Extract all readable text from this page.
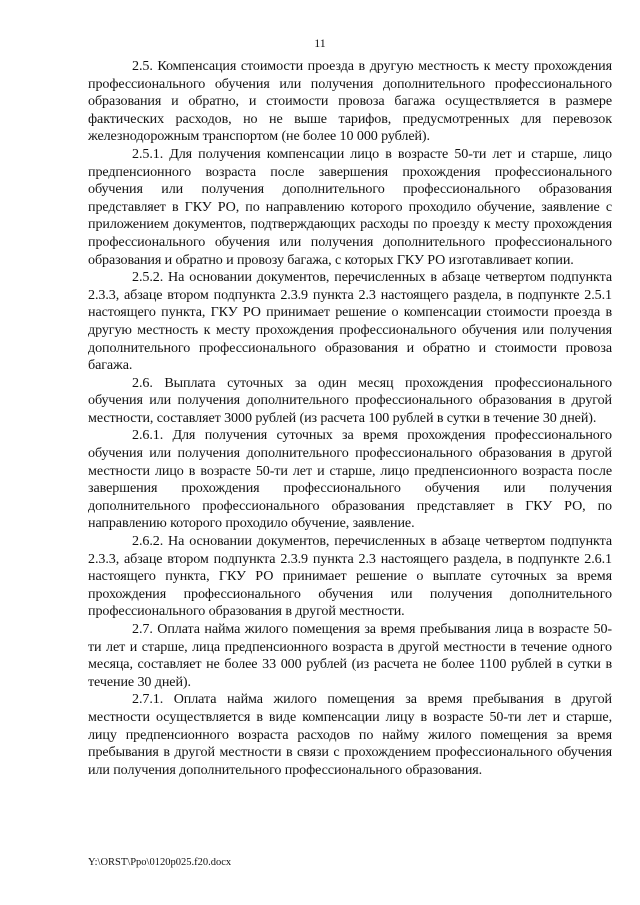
11

2.5. Компенсация стоимости проезда в другую местность к месту прохождения профессионального обучения или получения дополнительного профессионального образования и обратно, и стоимости провоза багажа осуществляется в размере фактических расходов, но не выше тарифов, предусмотренных для перевозок железнодорожным транспортом (не более 10 000 рублей).

2.5.1. Для получения компенсации лицо в возрасте 50-ти лет и старше, лицо предпенсионного возраста после завершения прохождения профессионального обучения или получения дополнительного профессионального образования представляет в ГКУ РО, по направлению которого проходило обучение, заявление с приложением документов, подтверждающих расходы по проезду к месту прохождения профессионального обучения или получения дополнительного профессионального образования и обратно и провозу багажа, с которых ГКУ РО изготавливает копии.

2.5.2. На основании документов, перечисленных в абзаце четвертом подпункта 2.3.3, абзаце втором подпункта 2.3.9 пункта 2.3 настоящего раздела, в подпункте 2.5.1 настоящего пункта, ГКУ РО принимает решение о компенсации стоимости проезда в другую местность к месту прохождения профессионального обучения или получения дополнительного профессионального образования и обратно и стоимости провоза багажа.

2.6. Выплата суточных за один месяц прохождения профессионального обучения или получения дополнительного профессионального образования в другой местности, составляет 3000 рублей (из расчета 100 рублей в сутки в течение 30 дней).

2.6.1. Для получения суточных за время прохождения профессионального обучения или получения дополнительного профессионального образования в другой местности лицо в возрасте 50-ти лет и старше, лицо предпенсионного возраста после завершения прохождения профессионального обучения или получения дополнительного профессионального образования представляет в ГКУ РО, по направлению которого проходило обучение, заявление.

2.6.2. На основании документов, перечисленных в абзаце четвертом подпункта 2.3.3, абзаце втором подпункта 2.3.9 пункта 2.3 настоящего раздела, в подпункте 2.6.1 настоящего пункта, ГКУ РО принимает решение о выплате суточных за время прохождения профессионального обучения или получения дополнительного профессионального образования в другой местности.

2.7. Оплата найма жилого помещения за время пребывания лица в возрасте 50-ти лет и старше, лица предпенсионного возраста в другой местности в течение одного месяца, составляет не более 33 000 рублей (из расчета не более 1100 рублей в сутки в течение 30 дней).

2.7.1. Оплата найма жилого помещения за время пребывания в другой местности осуществляется в виде компенсации лицу в возрасте 50-ти лет и старше, лицу предпенсионного возраста расходов по найму жилого помещения за время пребывания в другой местности в связи с прохождением профессионального обучения или получения дополнительного профессионального образования.

Y:\ORST\Ppo\0120p025.f20.docx
